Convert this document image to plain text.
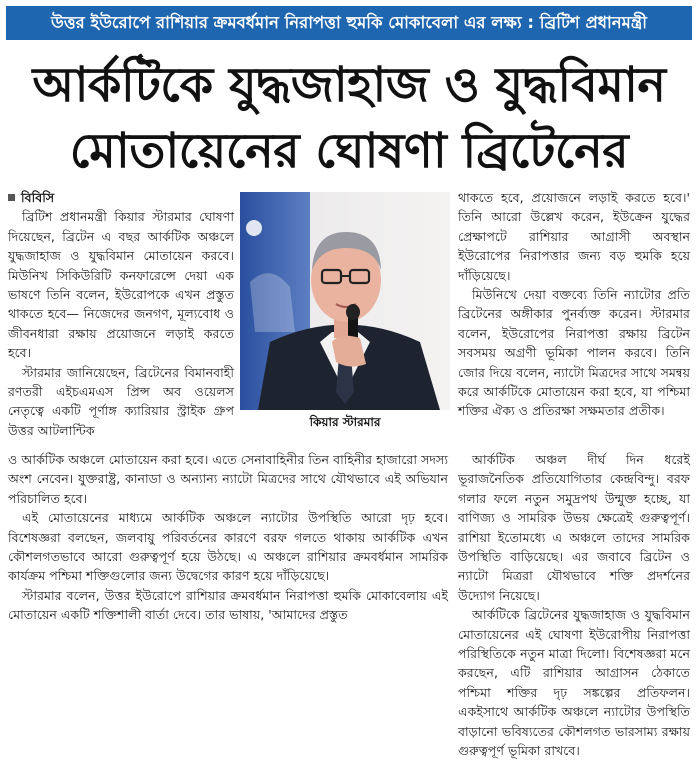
উত্তর ইউরোপে রাশিয়ার ক্রমবর্ধমান নিরাপত্তা হুমকি মোকাবেলা এর লক্ষ্য : ব্রিটিশ প্রধানমন্ত্রী
আর্কটিকে যুদ্ধজাহাজ ও যুদ্ধবিমান
মোতায়েনের ঘোষণা ব্রিটেনের
বিবিসি

ব্রিটিশ প্রধানমন্ত্রী কিয়ার স্টারমার ঘোষণা দিয়েছেন, ব্রিটেন এ বছর আর্কটিক অঞ্চলে যুদ্ধজাহাজ ও যুদ্ধবিমান মোতায়েন করবে। মিউনিখ সিকিউরিটি কনফারেন্সে দেয়া এক ভাষণে তিনি বলেন, ইউরোপকে এখন প্রস্তুত থাকতে হবে— নিজেদের জনগণ, মূল্যবোধ ও জীবনধারা রক্ষায় প্রয়োজনে লড়াই করতে হবে।

স্টারমার জানিয়েছেন, ব্রিটেনের বিমানবাহী রণতরী এইচএমএস প্রিন্স অব ওয়েলস নেতৃত্বে একটি পূর্ণাঙ্গ ক্যারিয়ার স্ট্রাইক গ্রুপ উত্তর আটলান্টিক

কিয়ার স্টারমার

থাকতে হবে, প্রয়োজনে লড়াই করতে হবে।' তিনি আরো উল্লেখ করেন, ইউক্রেন যুদ্ধের প্রেক্ষাপটে রাশিয়ার আগ্রাসী অবস্থান ইউরোপের নিরাপত্তার জন্য বড় হুমকি হয়ে দাঁড়িয়েছে।

মিউনিখে দেয়া বক্তব্যে তিনি ন্যাটোর প্রতি ব্রিটেনের অঙ্গীকার পুনর্ব্যক্ত করেন। স্টারমার বলেন, ইউরোপের নিরাপত্তা রক্ষায় ব্রিটেন সবসময় অগ্রণী ভূমিকা পালন করবে। তিনি জোর দিয়ে বলেন, ন্যাটো মিত্রদের সাথে সমন্বয় করে আর্কটিকে মোতায়েন করা হবে, যা পশ্চিমা শক্তির ঐক্য ও প্রতিরক্ষা সক্ষমতার প্রতীক।

ও আর্কটিক অঞ্চলে মোতায়েন করা হবে। এতে সেনাবাহিনীর তিন বাহিনীর হাজারো সদস্য অংশ নেবেন। যুক্তরাষ্ট্র, কানাডা ও অন্যান্য ন্যাটো মিত্রদের সাথে যৌথভাবে এই অভিযান পরিচালিত হবে।

এই মোতায়েনের মাধ্যমে আর্কটিক অঞ্চলে ন্যাটোর উপস্থিতি আরো দৃঢ় হবে। বিশেষজ্ঞরা বলছেন, জলবায়ু পরিবর্তনের কারণে বরফ গলতে থাকায় আর্কটিক এখন কৌশলগতভাবে আরো গুরুত্বপূর্ণ হয়ে উঠছে। এ অঞ্চলে রাশিয়ার ক্রমবর্ধমান সামরিক কার্যক্রম পশ্চিমা শক্তিগুলোর জন্য উদ্বেগের কারণ হয়ে দাঁড়িয়েছে।

স্টারমার বলেন, উত্তর ইউরোপে রাশিয়ার ক্রমবর্ধমান নিরাপত্তা হুমকি মোকাবেলায় এই মোতায়েন একটি শক্তিশালী বার্তা দেবে। তার ভাষায়, 'আমাদের প্রস্তুত

আর্কটিক অঞ্চল দীর্ঘ দিন ধরেই ভূরাজনৈতিক প্রতিযোগিতার কেন্দ্রবিন্দু। বরফ গলার ফলে নতুন সমুদ্রপথ উন্মুক্ত হচ্ছে, যা বাণিজ্য ও সামরিক উভয় ক্ষেত্রেই গুরুত্বপূর্ণ। রাশিয়া ইতোমধ্যে এ অঞ্চলে তাদের সামরিক উপস্থিতি বাড়িয়েছে। এর জবাবে ব্রিটেন ও ন্যাটো মিত্ররা যৌথভাবে শক্তি প্রদর্শনের উদ্যোগ নিয়েছে।

আর্কটিকে ব্রিটেনের যুদ্ধজাহাজ ও যুদ্ধবিমান মোতায়েনের এই ঘোষণা ইউরোপীয় নিরাপত্তা পরিস্থিতিকে নতুন মাত্রা দিলো। বিশেষজ্ঞরা মনে করছেন, এটি রাশিয়ার আগ্রাসন ঠেকাতে পশ্চিমা শক্তির দৃঢ় সঙ্কল্পের প্রতিফলন। একইসাথে আর্কটিক অঞ্চলে ন্যাটোর উপস্থিতি বাড়ানো ভবিষ্যতের কৌশলগত ভারসাম্য রক্ষায় গুরুত্বপূর্ণ ভূমিকা রাখবে।
